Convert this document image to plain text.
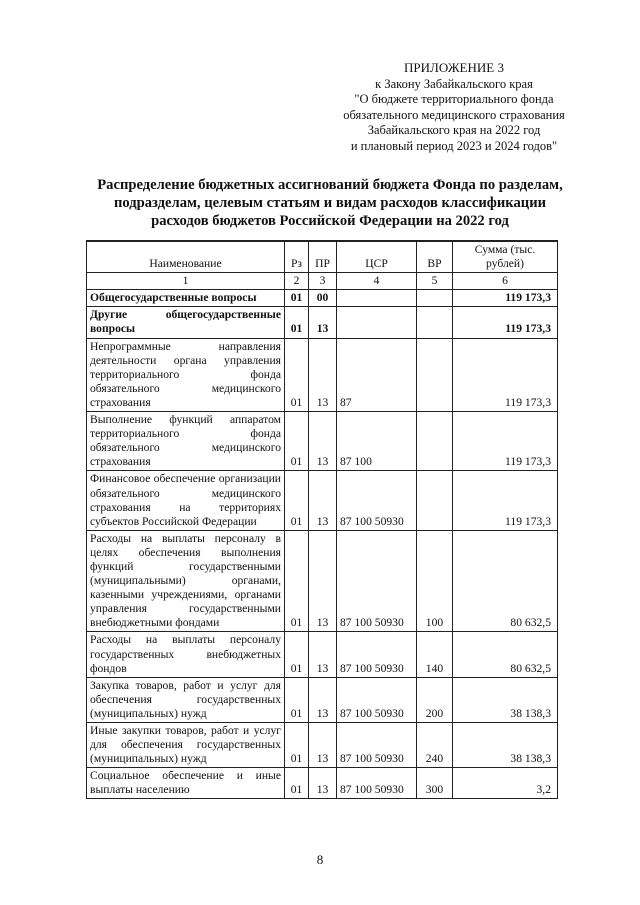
ПРИЛОЖЕНИЕ 3
к Закону Забайкальского края
"О бюджете территориального фонда
обязательного медицинского страхования
Забайкальского края на 2022 год
и плановый период 2023 и 2024 годов"
Распределение бюджетных ассигнований бюджета Фонда по разделам,
подразделам, целевым статьям и видам расходов классификации
расходов бюджетов Российской Федерации на 2022 год
Наименование	Рз	ПР	ЦСР	ВР	Сумма (тыс. рублей)
1	2	3	4	5	6
Общегосударственные вопросы	01	00			119 173,3
Другие общегосударственные вопросы	01	13			119 173,3
Непрограммные направления деятельности органа управления территориального фонда обязательного медицинского страхования	01	13	87		119 173,3
Выполнение функций аппаратом территориального фонда обязательного медицинского страхования	01	13	87 100		119 173,3
Финансовое обеспечение организации обязательного медицинского страхования на территориях субъектов Российской Федерации	01	13	87 100 50930		119 173,3
Расходы на выплаты персоналу в целях обеспечения выполнения функций государственными (муниципальными) органами, казенными учреждениями, органами управления государственными внебюджетными фондами	01	13	87 100 50930	100	80 632,5
Расходы на выплаты персоналу государственных внебюджетных фондов	01	13	87 100 50930	140	80 632,5
Закупка товаров, работ и услуг для обеспечения государственных (муниципальных) нужд	01	13	87 100 50930	200	38 138,3
Иные закупки товаров, работ и услуг для обеспечения государственных (муниципальных) нужд	01	13	87 100 50930	240	38 138,3
Социальное обеспечение и иные выплаты населению	01	13	87 100 50930	300	3,2
8
